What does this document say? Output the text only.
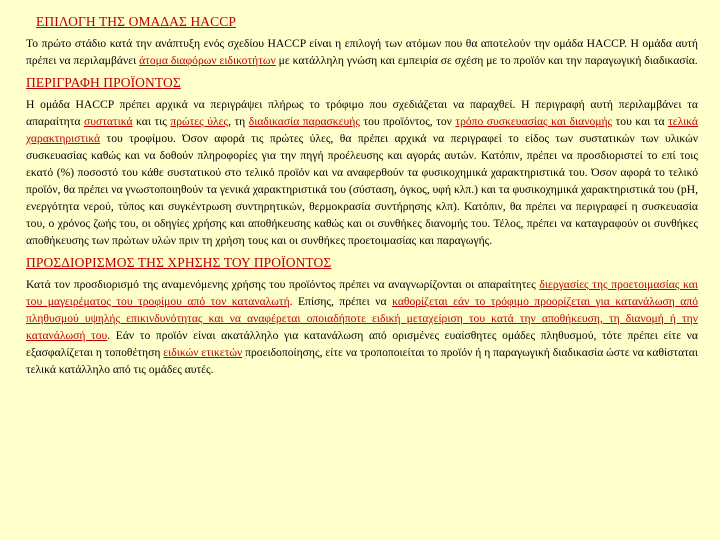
ΕΠΙΛΟΓΗ ΤΗΣ ΟΜΑΔΑΣ HACCP

Το πρώτο στάδιο κατά την ανάπτυξη ενός σχεδίου HACCP είναι η επιλογή των ατόμων που θα αποτελούν την ομάδα HACCP. Η ομάδα αυτή πρέπει να περιλαμβάνει άτομα διαφόρων ειδικοτήτων με κατάλληλη γνώση και εμπειρία σε σχέση με το προϊόν και την παραγωγική διαδικασία.

ΠΕΡΙΓΡΑΦΗ ΠΡΟΪΟΝΤΟΣ

Η ομάδα HACCP πρέπει αρχικά να περιγράψει πλήρως το τρόφιμο που σχεδιάζεται να παραχθεί. Η περιγραφή αυτή περιλαμβάνει τα απαραίτητα συστατικά και τις πρώτες ύλες, τη διαδικασία παρασκευής του προϊόντος, τον τρόπο συσκευασίας και διανομής του και τα τελικά χαρακτηριστικά του τροφίμου. Όσον αφορά τις πρώτες ύλες, θα πρέπει αρχικά να περιγραφεί το είδος των συστατικών των υλικών συσκευασίας καθώς και να δοθούν πληροφορίες για την πηγή προέλευσης και αγοράς αυτών. Κατόπιν, πρέπει να προσδιοριστεί το επί τοις εκατό (%) ποσοστό του κάθε συστατικού στο τελικό προϊόν και να αναφερθούν τα φυσικοχημικά χαρακτηριστικά του. Όσον αφορά το τελικό προϊόν, θα πρέπει να γνωστοποιηθούν τα γενικά χαρακτηριστικά του (σύσταση, όγκος, υφή κλπ.) και τα φυσικοχημικά χαρακτηριστικά του (pH, ενεργότητα νερού, τύπος και συγκέντρωση συντηρητικών, θερμοκρασία συντήρησης κλπ). Κατόπιν, θα πρέπει να περιγραφεί η συσκευασία του, ο χρόνος ζωής του, οι οδηγίες χρήσης και αποθήκευσης καθώς και οι συνθήκες διανομής του. Τέλος, πρέπει να καταγραφούν οι συνθήκες αποθήκευσης των πρώτων υλών πριν τη χρήση τους και οι συνθήκες προετοιμασίας και παραγωγής.

ΠΡΟΣΔΙΟΡΙΣΜΟΣ ΤΗΣ ΧΡΗΣΗΣ ΤΟΥ ΠΡΟΪΟΝΤΟΣ

Κατά τον προσδιορισμό της αναμενόμενης χρήσης του προϊόντος πρέπει να αναγνωρίζονται οι απαραίτητες διεργασίες της προετοιμασίας και του μαγειρέματος του τροφίμου από τον καταναλωτή. Επίσης, πρέπει να καθορίζεται εάν το τρόφιμο προορίζεται για κατανάλωση από πληθυσμού υψηλής επικινδυνότητας και να αναφέρεται οποιαδήποτε ειδική μεταχείριση του κατά την αποθήκευση, τη διανομή ή την κατανάλωσή του. Εάν το προϊόν είναι ακατάλληλο για κατανάλωση από ορισμένες ευαίσθητες ομάδες πληθυσμού, τότε πρέπει είτε να εξασφαλίζεται η τοποθέτηση ειδικών ετικετών προειδοποίησης, είτε να τροποποιείται το προϊόν ή η παραγωγική διαδικασία ώστε να καθίσταται τελικά κατάλληλο από τις ομάδες αυτές.
